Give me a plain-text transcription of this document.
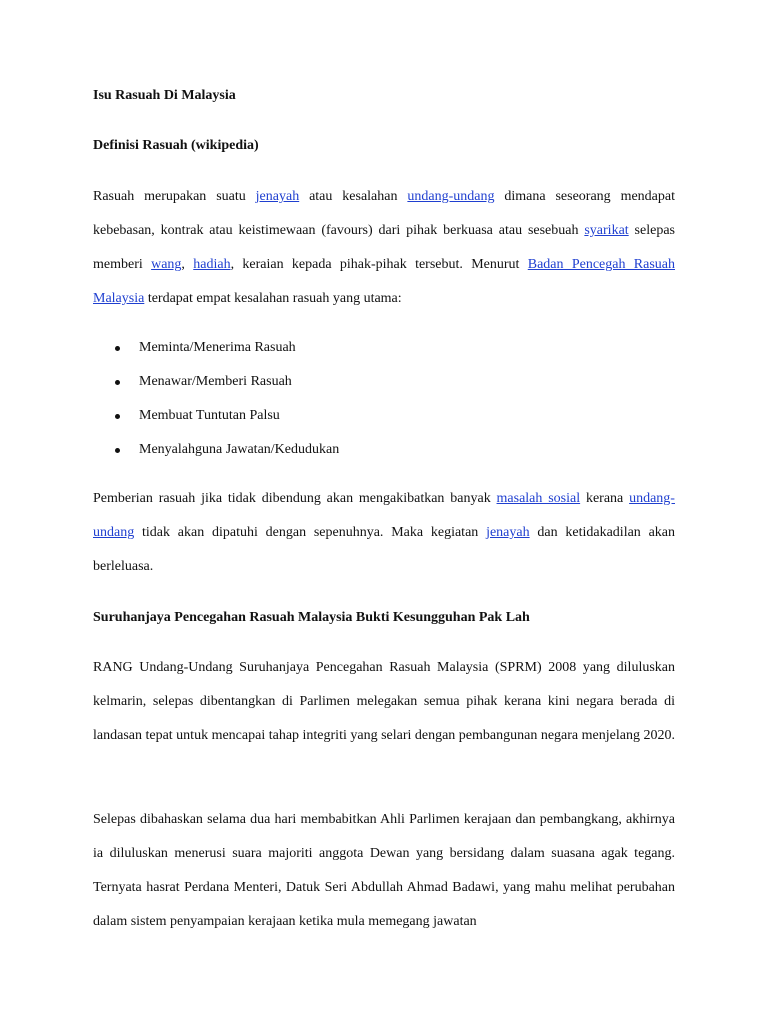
Isu Rasuah Di Malaysia
Definisi Rasuah (wikipedia)
Rasuah merupakan suatu jenayah atau kesalahan undang-undang dimana seseorang mendapat kebebasan, kontrak atau keistimewaan (favours) dari pihak berkuasa atau sesebuah syarikat selepas memberi wang, hadiah, keraian kepada pihak-pihak tersebut. Menurut Badan Pencegah Rasuah Malaysia terdapat empat kesalahan rasuah yang utama:
Meminta/Menerima Rasuah
Menawar/Memberi Rasuah
Membuat Tuntutan Palsu
Menyalahguna Jawatan/Kedudukan
Pemberian rasuah jika tidak dibendung akan mengakibatkan banyak masalah sosial kerana undang-undang tidak akan dipatuhi dengan sepenuhnya. Maka kegiatan jenayah dan ketidakadilan akan berleluasa.
Suruhanjaya Pencegahan Rasuah Malaysia Bukti Kesungguhan Pak Lah
RANG Undang-Undang Suruhanjaya Pencegahan Rasuah Malaysia (SPRM) 2008 yang diluluskan kelmarin, selepas dibentangkan di Parlimen melegakan semua pihak kerana kini negara berada di landasan tepat untuk mencapai tahap integriti yang selari dengan pembangunan negara menjelang 2020.
Selepas dibahaskan selama dua hari membabitkan Ahli Parlimen kerajaan dan pembangkang, akhirnya ia diluluskan menerusi suara majoriti anggota Dewan yang bersidang dalam suasana agak tegang. Ternyata hasrat Perdana Menteri, Datuk Seri Abdullah Ahmad Badawi, yang mahu melihat perubahan dalam sistem penyampaian kerajaan ketika mula memegang jawatan
